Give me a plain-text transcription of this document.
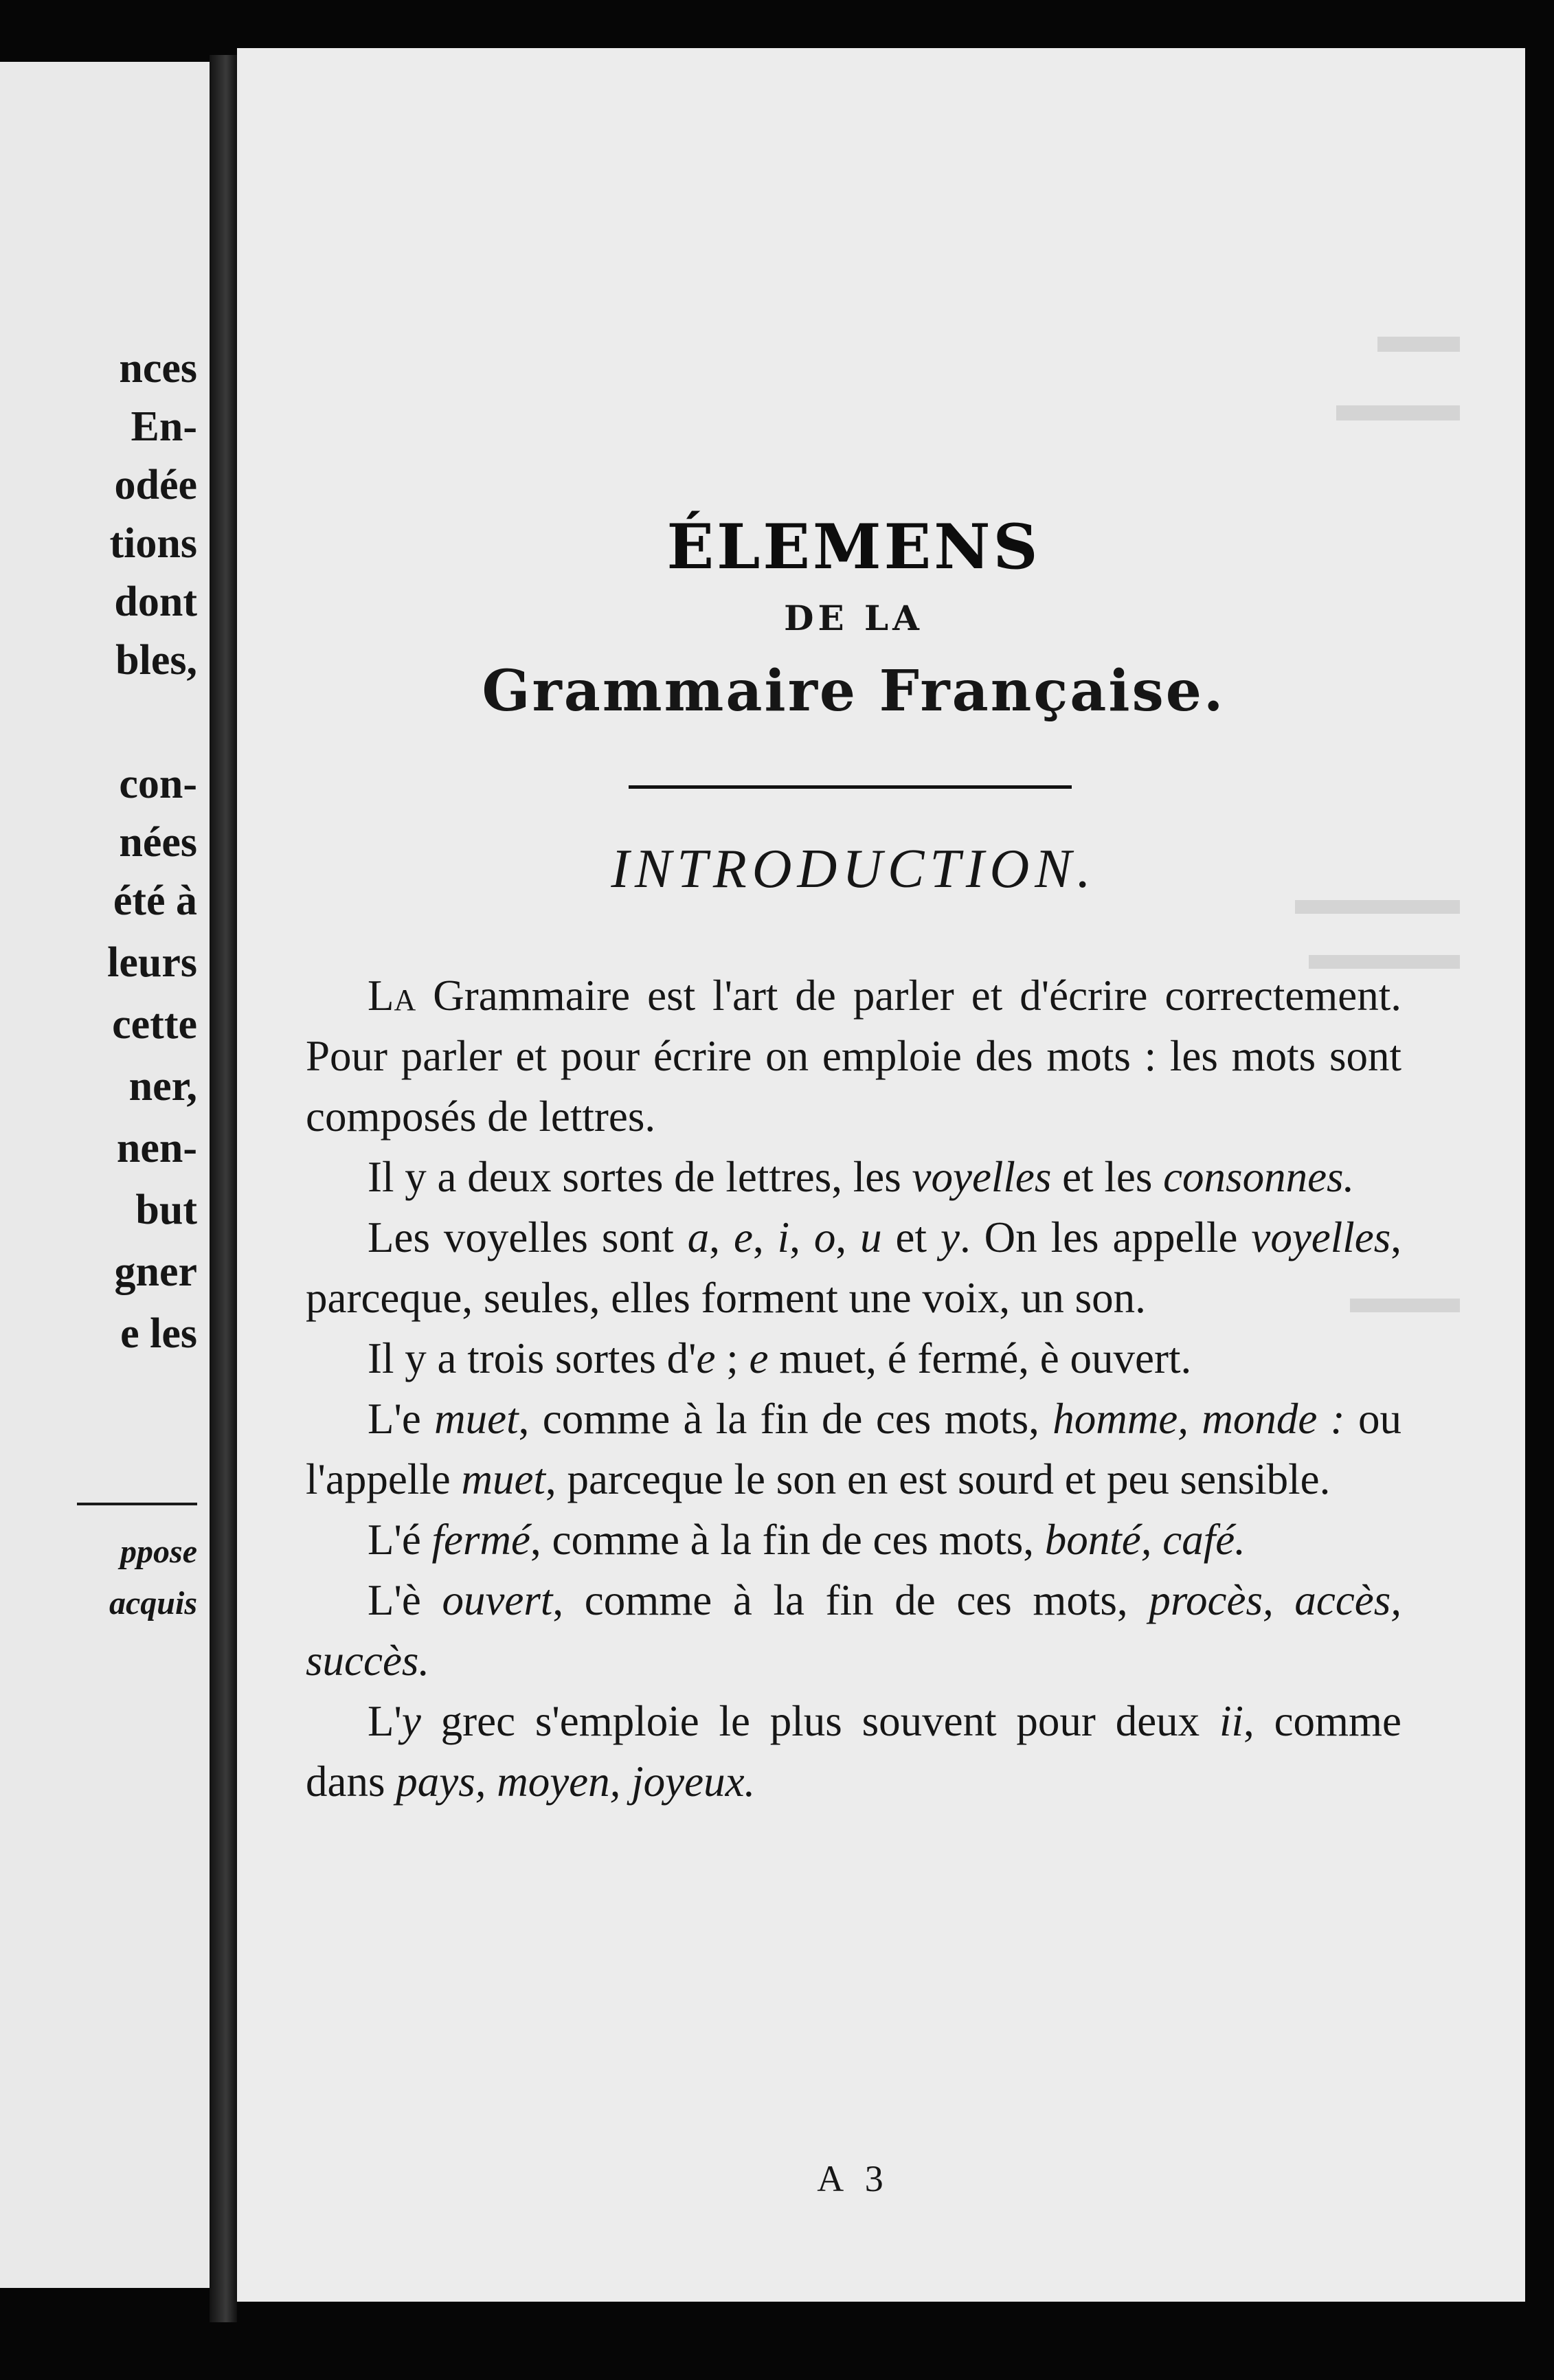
nces
En-
odée
tions
dont
bles,
con-
nées
été à
leurs
cette
ner,
nen-
but
gner
e les
ppose
acquis
ÉLEMENS
DE LA
Grammaire Française.
INTRODUCTION.

La Grammaire est l'art de parler et d'écrire correctement. Pour parler et pour écrire on emploie des mots : les mots sont composés de lettres.

Il y a deux sortes de lettres, les voyelles et les consonnes.

Les voyelles sont a, e, i, o, u et y. On les appelle voyelles, parceque, seules, elles forment une voix, un son.

Il y a trois sortes d'e ; e muet, é fermé, è ouvert.

L'e muet, comme à la fin de ces mots, homme, monde : ou l'appelle muet, parceque le son en est sourd et peu sensible.

L'é fermé, comme à la fin de ces mots, bonté, café.

L'è ouvert, comme à la fin de ces mots, procès, accès, succès.

L'y grec s'emploie le plus souvent pour deux ii, comme dans pays, moyen, joyeux.

A 3
